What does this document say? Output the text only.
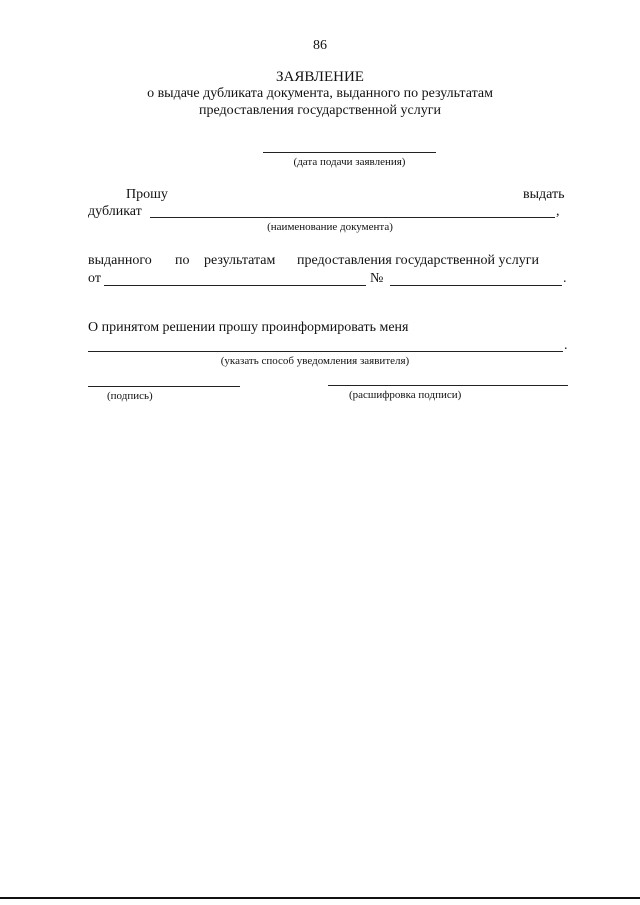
86
ЗАЯВЛЕНИЕ
о выдаче дубликата документа, выданного по результатам
предоставления государственной услуги
(дата подачи заявления)
Прошу	выдать
дубликат	,
(наименование документа)
выданного по результатам предоставления государственной услуги
от	№	.
О принятом решении прошу проинформировать меня
.
(указать способ уведомления заявителя)
(подпись)	(расшифровка подписи)
